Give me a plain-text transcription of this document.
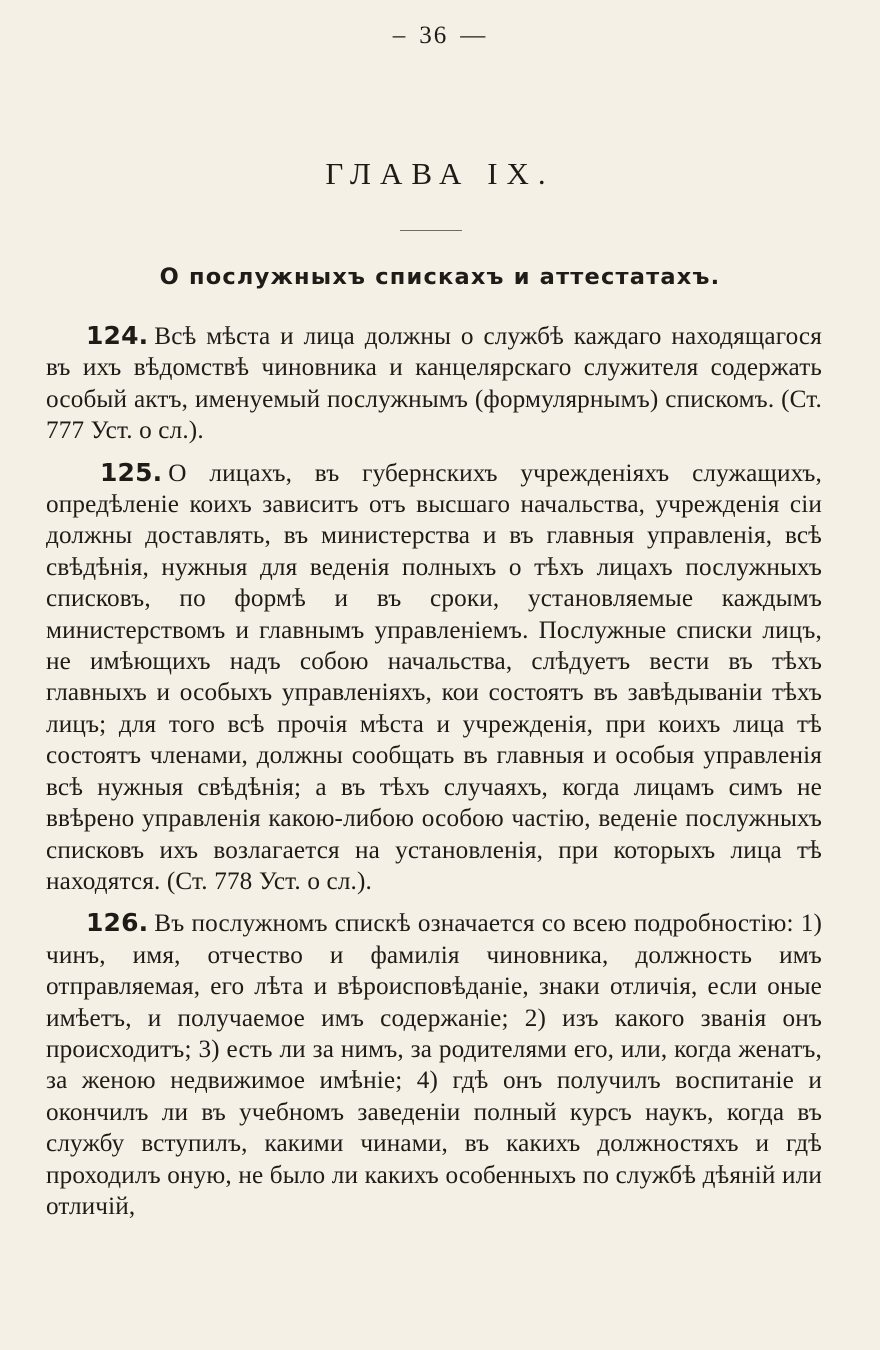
– 36 —
ГЛАВА IX.
О послужныхъ спискахъ и аттестатахъ.

124. Всѣ мѣста и лица должны о службѣ каждаго находящагося въ ихъ вѣдомствѣ чиновника и канцелярскаго служителя содержать особый актъ, именуемый послужнымъ (формулярнымъ) спискомъ. (Ст. 777 Уст. о сл.).

125. О лицахъ, въ губернскихъ учрежденіяхъ служащихъ, опредѣленіе коихъ зависитъ отъ высшаго начальства, учрежденія сіи должны доставлять, въ министерства и въ главныя управленія, всѣ свѣдѣнія, нужныя для веденія полныхъ о тѣхъ лицахъ послужныхъ списковъ, по формѣ и въ сроки, установляемые каждымъ министерствомъ и главнымъ управленіемъ. Послужные списки лицъ, не имѣющихъ надъ собою начальства, слѣдуетъ вести въ тѣхъ главныхъ и особыхъ управленіяхъ, кои состоятъ въ завѣдываніи тѣхъ лицъ; для того всѣ прочія мѣста и учрежденія, при коихъ лица тѣ состоятъ членами, должны сообщать въ главныя и особыя управленія всѣ нужныя свѣдѣнія; а въ тѣхъ случаяхъ, когда лицамъ симъ не ввѣрено управленія какою-либою особою частію, веденіе послужныхъ списковъ ихъ возлагается на установленія, при которыхъ лица тѣ находятся. (Ст. 778 Уст. о сл.).

126. Въ послужномъ спискѣ означается со всею подробностію: 1) чинъ, имя, отчество и фамилія чиновника, должность имъ отправляемая, его лѣта и вѣроисповѣданіе, знаки отличія, если оные имѣетъ, и получаемое имъ содержаніе; 2) изъ какого званія онъ происходитъ; 3) есть ли за нимъ, за родителями его, или, когда женатъ, за женою недвижимое имѣніе; 4) гдѣ онъ получилъ воспитаніе и окончилъ ли въ учебномъ заведеніи полный курсъ наукъ, когда въ службу вступилъ, какими чинами, въ какихъ должностяхъ и гдѣ проходилъ оную, не было ли какихъ особенныхъ по службѣ дѣяній или отличій,
